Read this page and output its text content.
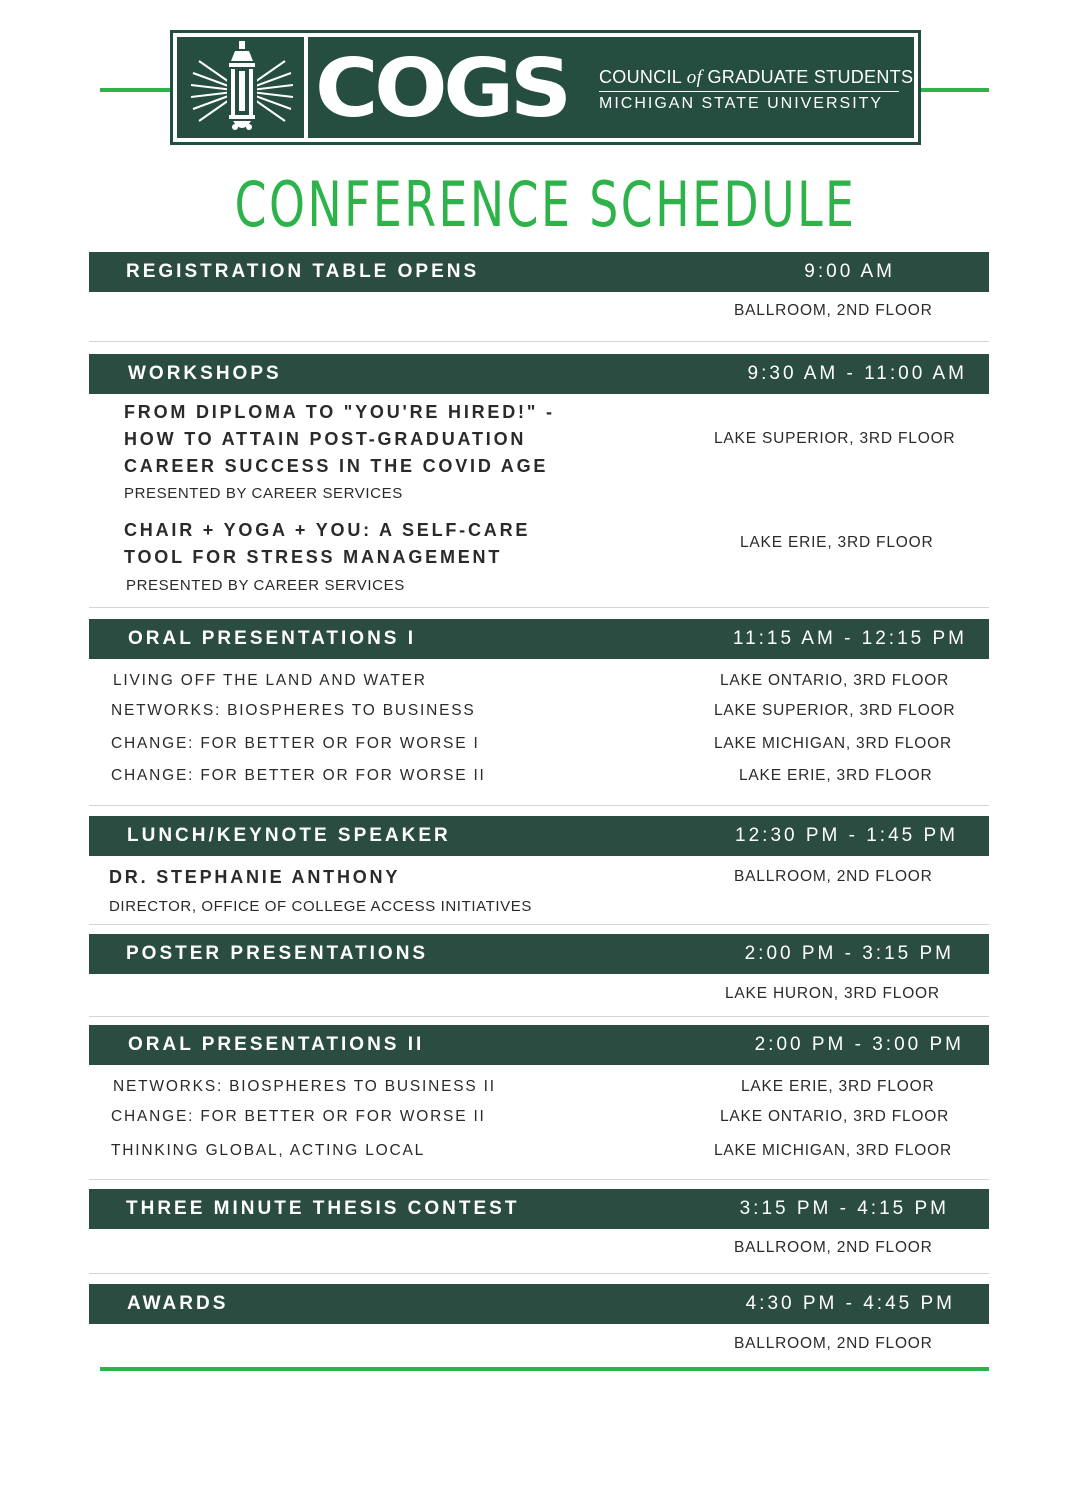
COGS COUNCIL of GRADUATE STUDENTS
MICHIGAN STATE UNIVERSITY
CONFERENCE SCHEDULE
REGISTRATION TABLE OPENS	9:00 AM
BALLROOM, 2ND FLOOR
WORKSHOPS	9:30 AM - 11:00 AM
FROM DIPLOMA TO "YOU'RE HIRED!" -
HOW TO ATTAIN POST-GRADUATION
CAREER SUCCESS IN THE COVID AGE
PRESENTED BY CAREER SERVICES
LAKE SUPERIOR, 3RD FLOOR
CHAIR + YOGA + YOU: A SELF-CARE
TOOL FOR STRESS MANAGEMENT
PRESENTED BY CAREER SERVICES
LAKE ERIE, 3RD FLOOR
ORAL PRESENTATIONS I	11:15 AM - 12:15 PM
LIVING OFF THE LAND AND WATER	LAKE ONTARIO, 3RD FLOOR
NETWORKS: BIOSPHERES TO BUSINESS	LAKE SUPERIOR, 3RD FLOOR
CHANGE: FOR BETTER OR FOR WORSE I	LAKE MICHIGAN, 3RD FLOOR
CHANGE: FOR BETTER OR FOR WORSE II	LAKE ERIE, 3RD FLOOR
LUNCH/KEYNOTE SPEAKER	12:30 PM - 1:45 PM
DR. STEPHANIE ANTHONY
DIRECTOR, OFFICE OF COLLEGE ACCESS INITIATIVES
BALLROOM, 2ND FLOOR
POSTER PRESENTATIONS	2:00 PM - 3:15 PM
LAKE HURON, 3RD FLOOR
ORAL PRESENTATIONS II	2:00 PM - 3:00 PM
NETWORKS: BIOSPHERES TO BUSINESS II	LAKE ERIE, 3RD FLOOR
CHANGE: FOR BETTER OR FOR WORSE II	LAKE ONTARIO, 3RD FLOOR
THINKING GLOBAL, ACTING LOCAL	LAKE MICHIGAN, 3RD FLOOR
THREE MINUTE THESIS CONTEST	3:15 PM - 4:15 PM
BALLROOM, 2ND FLOOR
AWARDS	4:30 PM - 4:45 PM
BALLROOM, 2ND FLOOR
